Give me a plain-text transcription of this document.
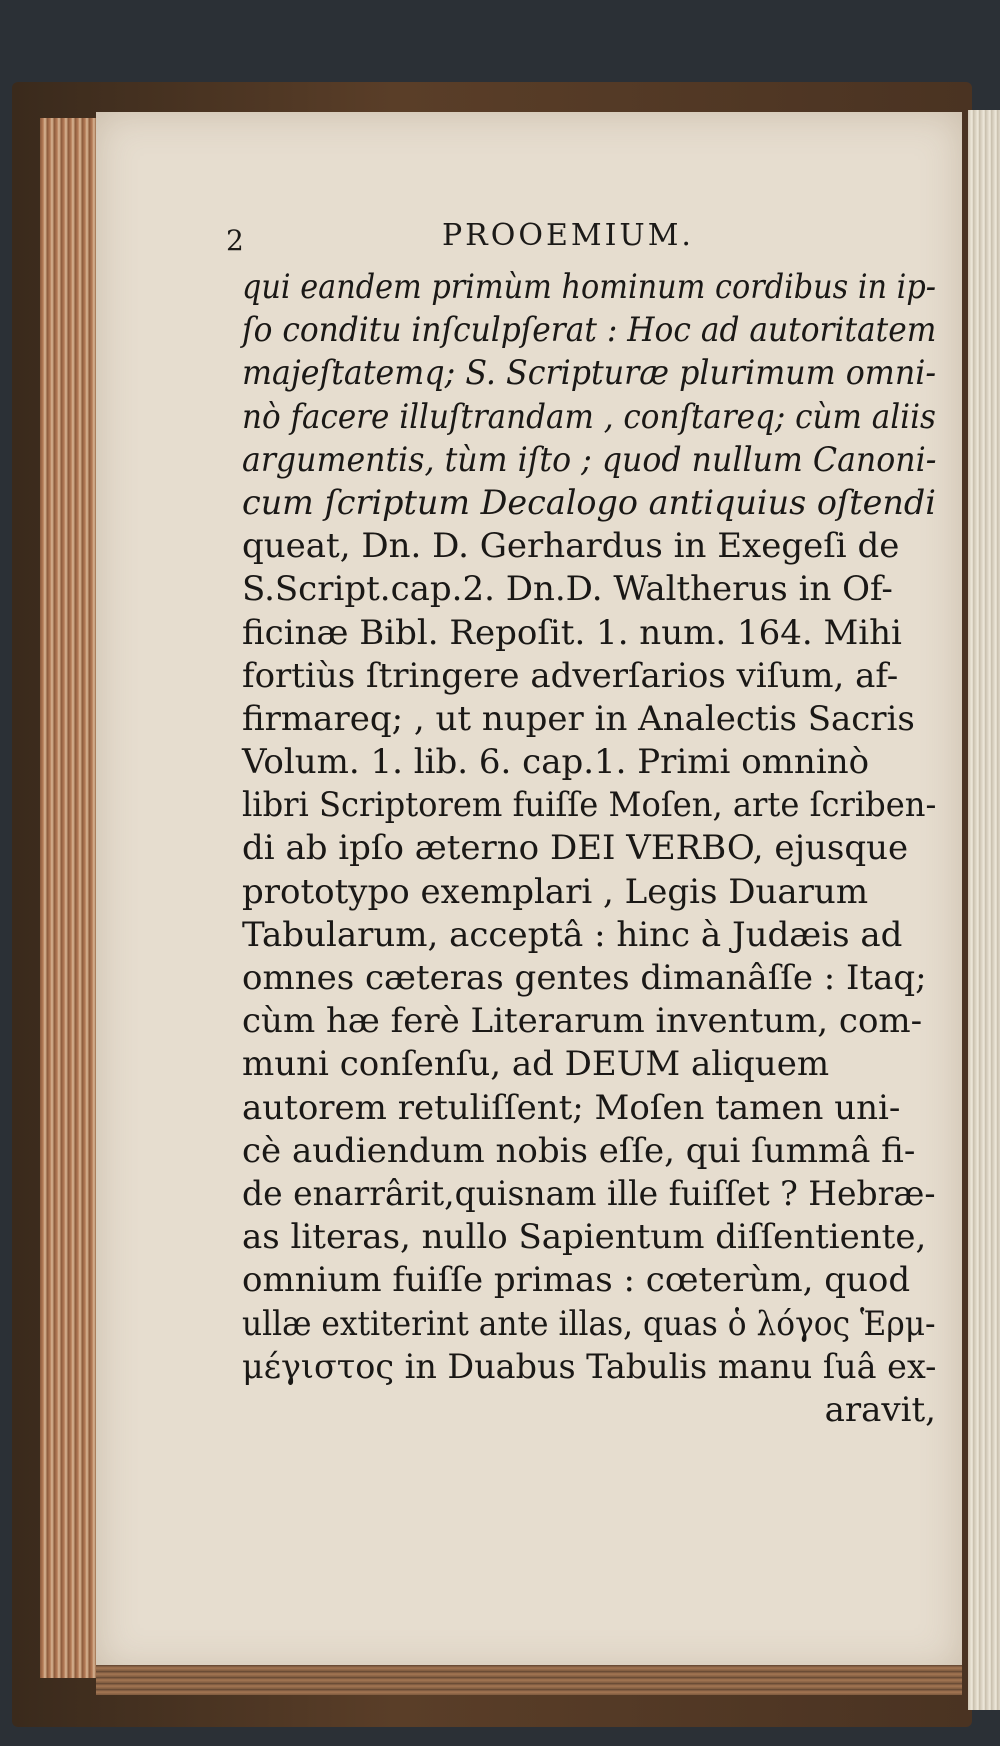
2	PROOEMIUM.
qui eandem primùm hominum cordibus in ip-
ſo conditu inſculpſerat : Hoc ad autoritatem
majeſtatemq; S. Scripturæ plurimum omni-
nò facere illuſtrandam , conſtareq; cùm aliis
argumentis, tùm iſto ; quod nullum Canoni-
cum ſcriptum Decalogo antiquius oſtendi
queat, Dn. D. Gerhardus in Exegeſi de
S.Script.cap.2. Dn.D. Waltherus in Of-
ficinæ Bibl. Repoſit. 1. num. 164. Mihi
fortiùs ſtringere adverſarios viſum, af-
firmareq; , ut nuper in Analectis Sacris
Volum. 1. lib. 6. cap.1. Primi omninò
libri Scriptorem fuiſſe Moſen, arte ſcriben-
di ab ipſo æterno DEI VERBO, ejusque
prototypo exemplari , Legis Duarum
Tabularum, acceptâ : hinc à Judæis ad
omnes cæteras gentes dimanâſſe : Itaq;
cùm hæ ferè Literarum inventum, com-
muni conſenſu, ad DEUM aliquem
autorem retuliſſent; Moſen tamen uni-
cè audiendum nobis eſſe, qui ſummâ fi-
de enarrârit,quisnam ille fuiſſet ? Hebræ-
as literas, nullo Sapientum diſſentiente,
omnium fuiſſe primas : cœterùm, quod
ullæ extiterint ante illas, quas ὁ λόγος Ἑρμ-
μέγιστος in Duabus Tabulis manu ſuâ ex-
aravit,
